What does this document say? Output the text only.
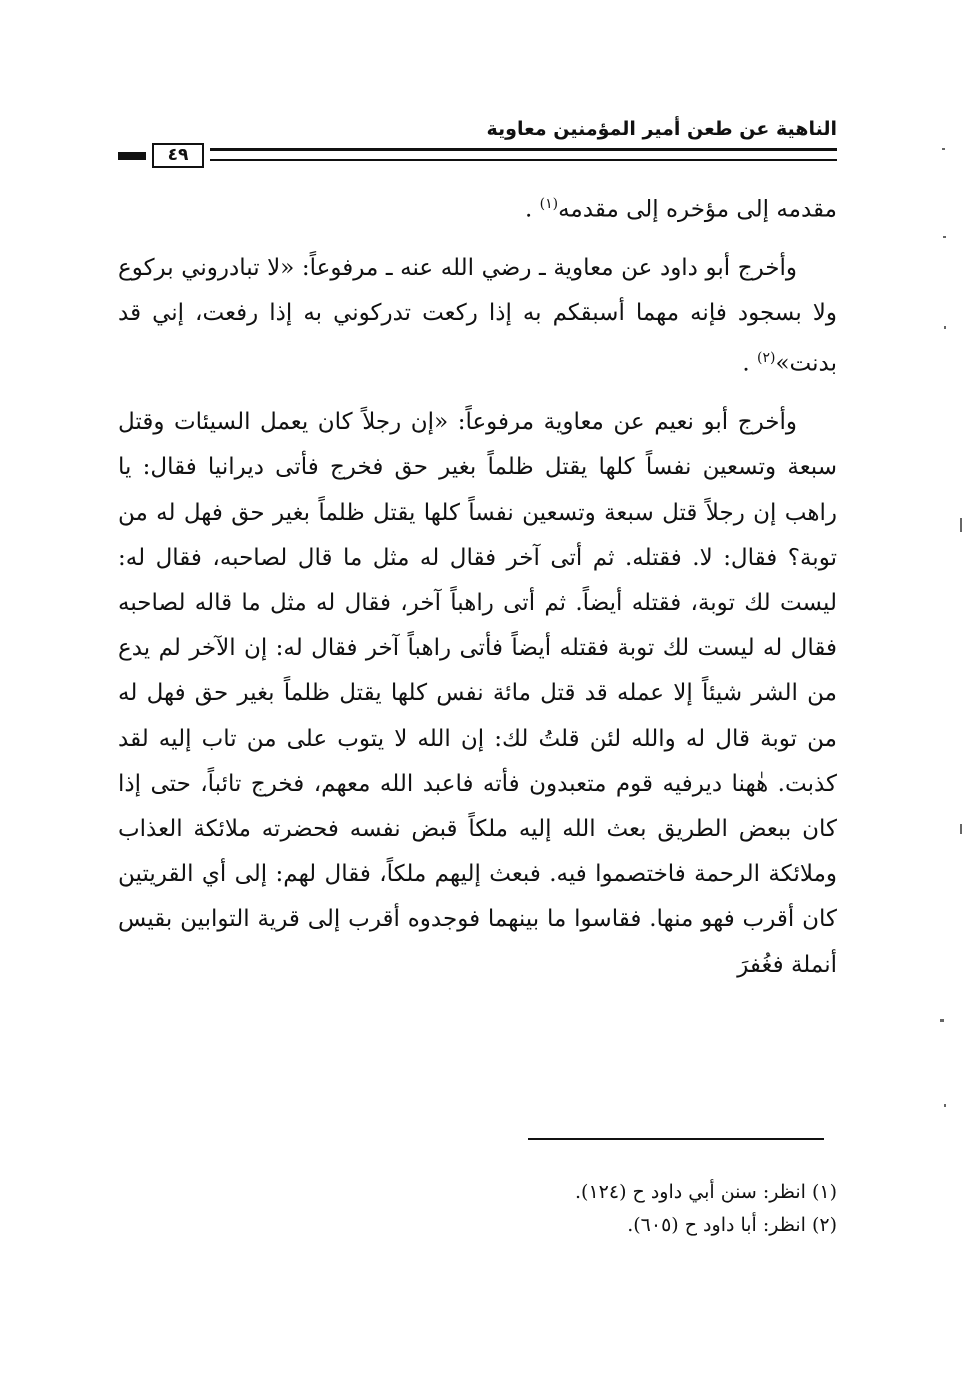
الناهية عن طعن أمير المؤمنين معاوية
٤٩

مقدمه إلى مؤخره إلى مقدمه$^{(١)}$ .

وأخرج أبو داود عن معاوية ـ رضي الله عنه ـ مرفوعاً: «لا تبادروني بركوع ولا بسجود فإنه مهما أسبقكم به إذا ركعت تدركوني به إذا رفعت، إني قد بدنت»$^{(٢)}$ .

وأخرج أبو نعيم عن معاوية مرفوعاً: «إن رجلاً كان يعمل السيئات وقتل سبعة وتسعين نفساً كلها يقتل ظلماً بغير حق فخرج فأتى ديرانيا فقال: يا راهب إن رجلاً قتل سبعة وتسعين نفساً كلها يقتل ظلماً بغير حق فهل له من توبة؟ فقال: لا. فقتله. ثم أتى آخر فقال له مثل ما قال لصاحبه، فقال له: ليست لك توبة، فقتله أيضاً. ثم أتى راهباً آخر، فقال له مثل ما قاله لصاحبه فقال له ليست لك توبة فقتله أيضاً فأتى راهباً آخر فقال له: إن الآخر لم يدع من الشر شيئاً إلا عمله قد قتل مائة نفس كلها يقتل ظلماً بغير حق فهل له من توبة قال له والله لئن قلتُ لك: إن الله لا يتوب على من تاب إليه لقد كذبت. هٰهنا ديرفيه قوم متعبدون فأته فاعبد الله معهم، فخرج تائباً، حتى إذا كان ببعض الطريق بعث الله إليه ملكاً قبض نفسه فحضرته ملائكة العذاب وملائكة الرحمة فاختصموا فيه. فبعث إليهم ملكاً، فقال لهم: إلى أي القريتين كان أقرب فهو منها. فقاسوا ما بينهما فوجدوه أقرب إلى قرية التوابين بقيس أنملة فغُفرَ

(١) انظر: سنن أبي داود ح (١٢٤).
(٢) انظر: أبا داود ح (٦٠٥).
